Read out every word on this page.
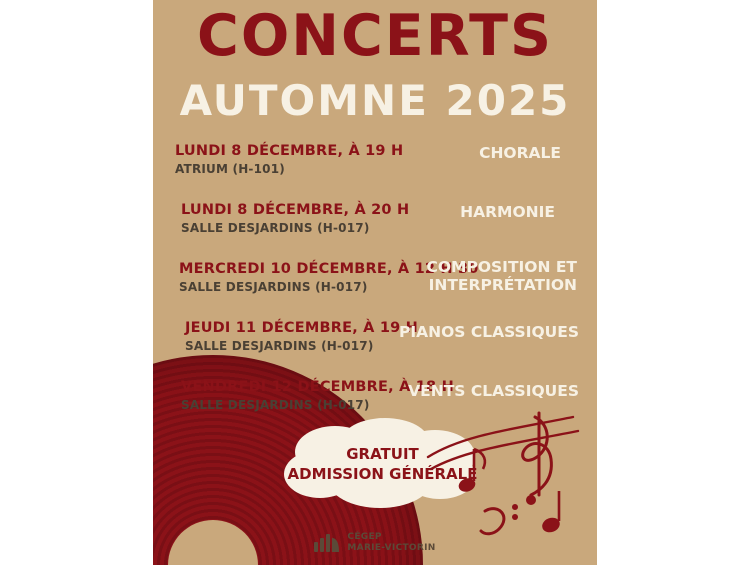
CONCERTS
AUTOMNE 2025
LUNDI 8 DÉCEMBRE, À 19 H
ATRIUM (H-101)
CHORALE
LUNDI 8 DÉCEMBRE, À 20 H
SALLE DESJARDINS (H-017)
HARMONIE
MERCREDI 10 DÉCEMBRE, À 12 H 30
SALLE DESJARDINS (H-017)
COMPOSITION ET INTERPRÉTATION
JEUDI 11 DÉCEMBRE, À 19 H
SALLE DESJARDINS (H-017)
PIANOS CLASSIQUES
VENDREDI 12 DÉCEMBRE, À 18 H
SALLE DESJARDINS (H-017)
VENTS CLASSIQUES
GRATUIT
ADMISSION GÉNÉRALE
CÉGEP
MARIE-VICTORIN
